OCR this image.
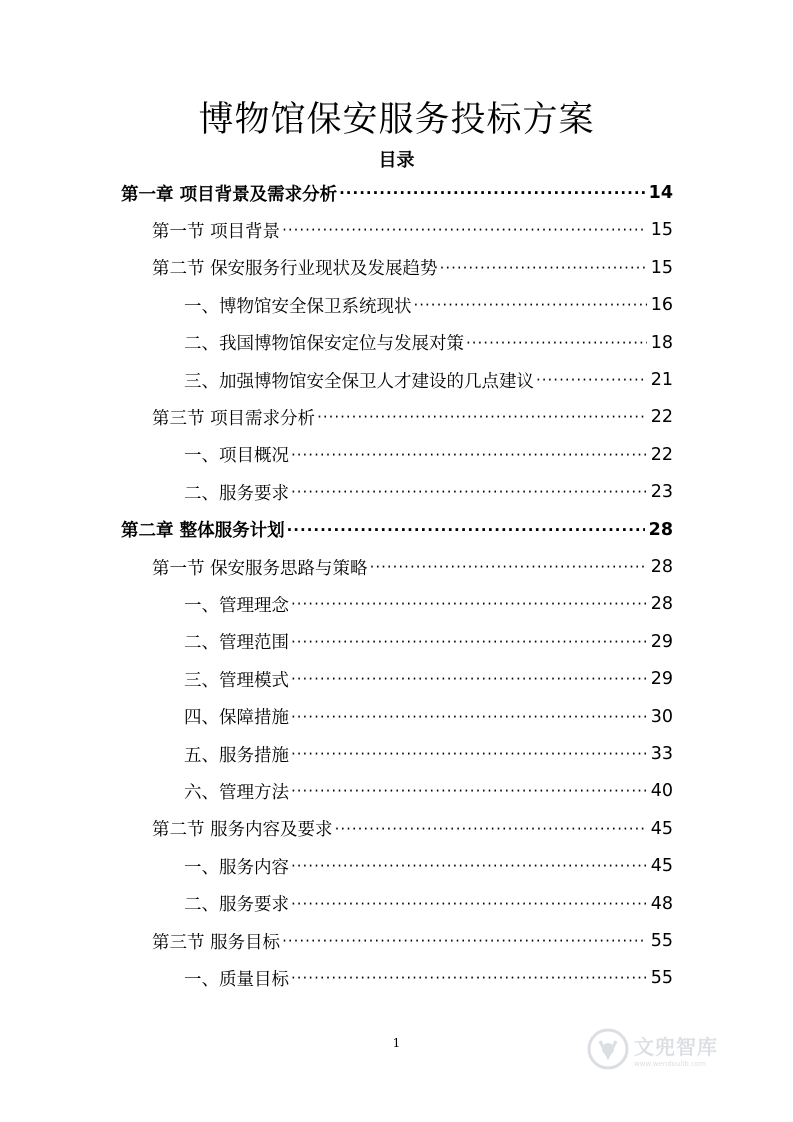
博物馆保安服务投标方案
目录
第一章 项目背景及需求分析 ·····	14
第一节 项目背景 ·····	15
第二节 保安服务行业现状及发展趋势 ·····	15
一、博物馆安全保卫系统现状 ·····	16
二、我国博物馆保安定位与发展对策 ·····	18
三、加强博物馆安全保卫人才建设的几点建议 ·····	21
第三节 项目需求分析 ·····	22
一、项目概况 ·····	22
二、服务要求 ·····	23
第二章 整体服务计划 ·····	28
第一节 保安服务思路与策略 ·····	28
一、管理理念 ·····	28
二、管理范围 ·····	29
三、管理模式 ·····	29
四、保障措施 ·····	30
五、服务措施 ·····	33
六、管理方法 ·····	40
第二节 服务内容及要求 ·····	45
一、服务内容 ·····	45
二、服务要求 ·····	48
第三节 服务目标 ·····	55
一、质量目标 ·····	55
1	文兜智库
www.wendoulib.com
